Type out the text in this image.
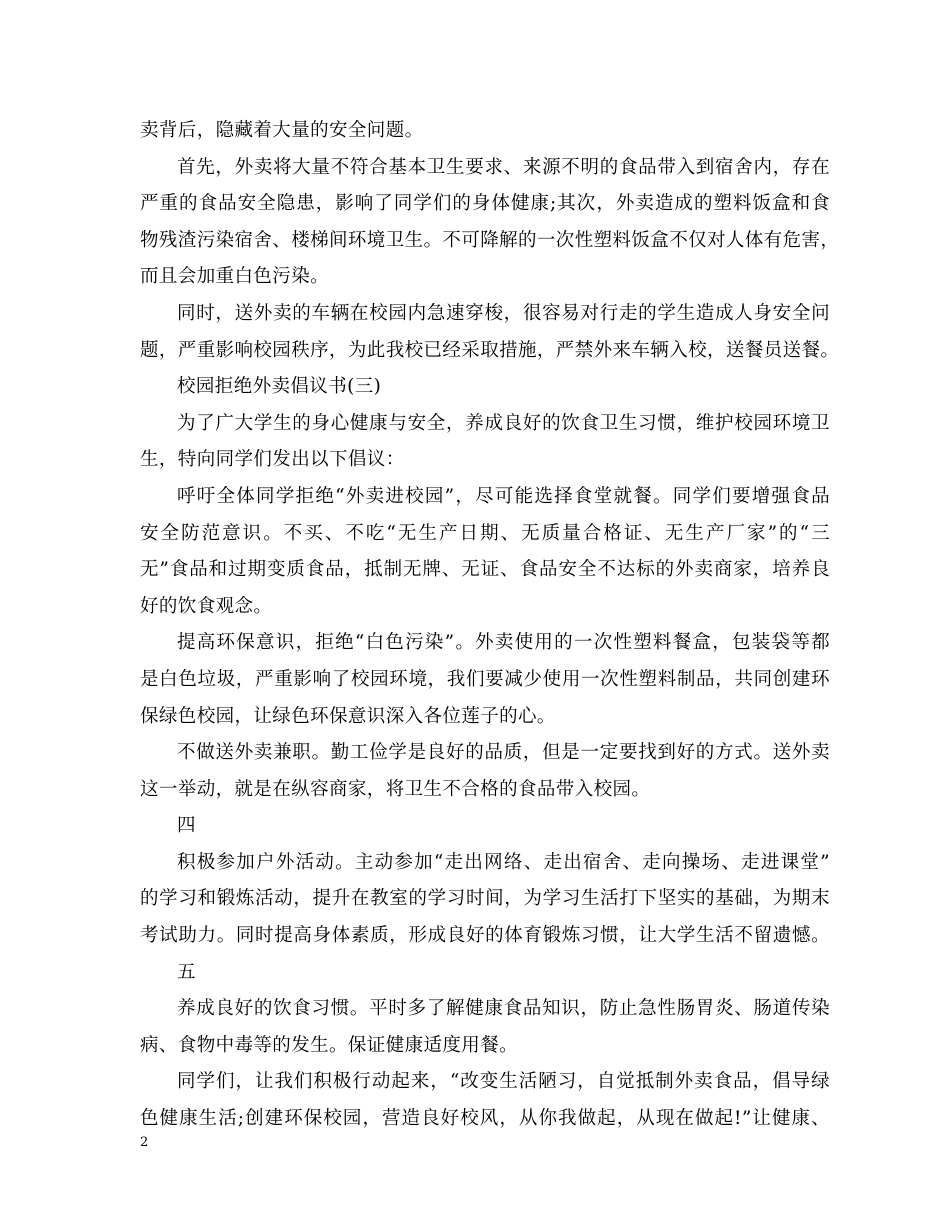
卖背后，隐藏着大量的安全问题。
首先，外卖将大量不符合基本卫生要求、来源不明的食品带入到宿舍内，存在
严重的食品安全隐患，影响了同学们的身体健康;其次，外卖造成的塑料饭盒和食
物残渣污染宿舍、楼梯间环境卫生。不可降解的一次性塑料饭盒不仅对人体有危害，
而且会加重白色污染。
同时，送外卖的车辆在校园内急速穿梭，很容易对行走的学生造成人身安全问
题，严重影响校园秩序，为此我校已经采取措施，严禁外来车辆入校，送餐员送餐。
校园拒绝外卖倡议书(三)
为了广大学生的身心健康与安全，养成良好的饮食卫生习惯，维护校园环境卫
生，特向同学们发出以下倡议：
呼吁全体同学拒绝“外卖进校园”，尽可能选择食堂就餐。同学们要增强食品
安全防范意识。不买、不吃“无生产日期、无质量合格证、无生产厂家”的“三
无”食品和过期变质食品，抵制无牌、无证、食品安全不达标的外卖商家，培养良
好的饮食观念。
提高环保意识，拒绝“白色污染”。外卖使用的一次性塑料餐盒，包装袋等都
是白色垃圾，严重影响了校园环境，我们要减少使用一次性塑料制品，共同创建环
保绿色校园，让绿色环保意识深入各位莲子的心。
不做送外卖兼职。勤工俭学是良好的品质，但是一定要找到好的方式。送外卖
这一举动，就是在纵容商家，将卫生不合格的食品带入校园。
四
积极参加户外活动。主动参加“走出网络、走出宿舍、走向操场、走进课堂”
的学习和锻炼活动，提升在教室的学习时间，为学习生活打下坚实的基础，为期末
考试助力。同时提高身体素质，形成良好的体育锻炼习惯，让大学生活不留遗憾。
五
养成良好的饮食习惯。平时多了解健康食品知识，防止急性肠胃炎、肠道传染
病、食物中毒等的发生。保证健康适度用餐。
同学们，让我们积极行动起来，“改变生活陋习，自觉抵制外卖食品，倡导绿
色健康生活;创建环保校园，营造良好校风，从你我做起，从现在做起!”让健康、
2
